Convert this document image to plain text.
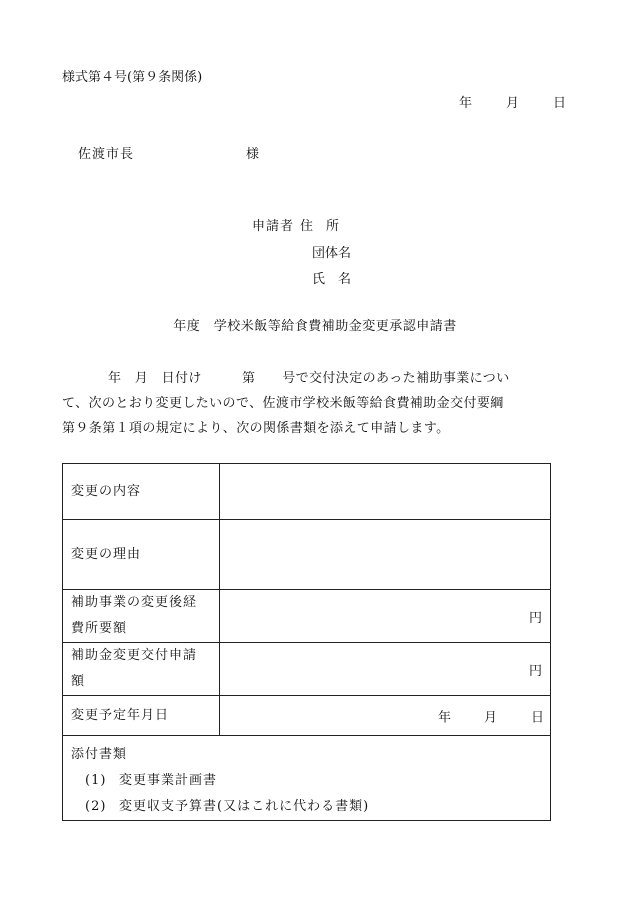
様式第４号(第９条関係)
年	月	日
佐渡市長	様
申請者 住　所
団体名
氏　名
年度　学校米飯等給食費補助金変更承認申請書
年　月　日付け　　　第　　号で交付決定のあった補助事業につい
て、次のとおり変更したいので、佐渡市学校米飯等給食費補助金交付要綱
第９条第１項の規定により、次の関係書類を添えて申請します。
変更の内容	
変更の理由	
補助事業の変更後経
費所要額	円
補助金変更交付申請
額	円
変更予定年月日	年 月 日

添付書類
(1) 変更事業計画書
(2) 変更収支予算書(又はこれに代わる書類)	
